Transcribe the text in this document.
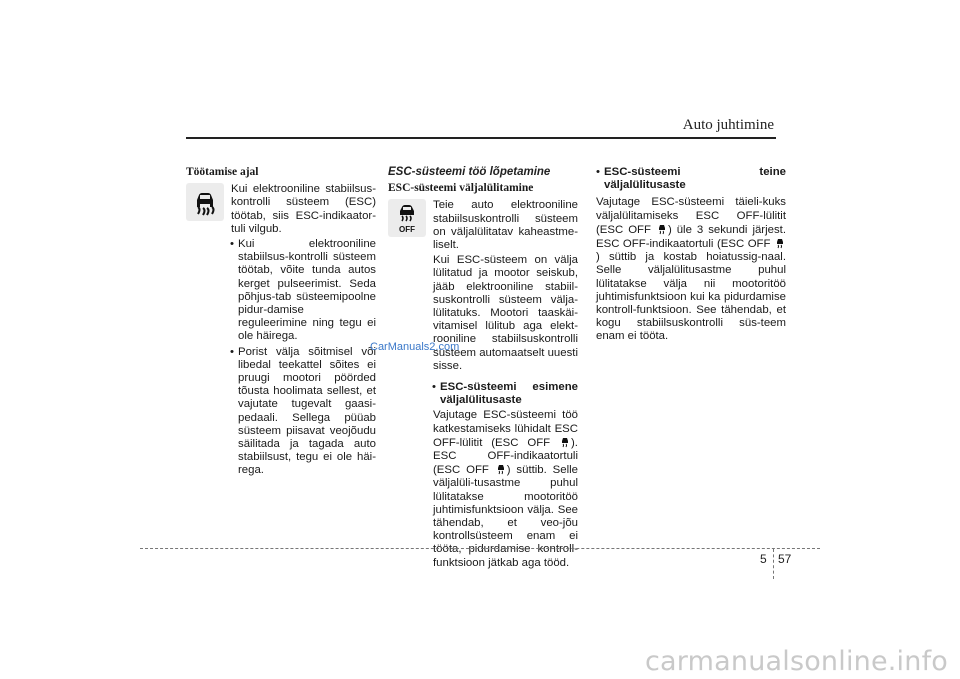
Auto juhtimine
Töötamise ajal
Kui elektrooniline stabiilsus-kontrolli süsteem (ESC) töötab, siis ESC-indikaator-tuli vilgub.
• Kui elektrooniline stabiilsus-kontrolli süsteem töötab, võite tunda autos kerget pulseerimist. Seda põhjus-tab süsteemipoolne pidur-damise reguleerimine ning tegu ei ole häirega.
• Porist välja sõitmisel või libedal teekattel sõites ei pruugi mootori pöörded tõusta hoolimata sellest, et vajutate tugevalt gaasi-pedaali. Sellega püüab süsteem piisavat veojõudu säilitada ja tagada auto stabiilsust, tegu ei ole häi-rega.
ESC-süsteemi töö lõpetamine
ESC-süsteemi väljalülitamine
OFF
Teie auto elektrooniline stabiilsuskontrolli süsteem on väljalülitatav kaheastme-liselt.
Kui ESC-süsteem on välja lülitatud ja mootor seiskub, jääb elektrooniline stabiil-suskontrolli süsteem välja-lülitatuks. Mootori taaskäi-vitamisel lülitub aga elekt-rooniline stabiilsuskontrolli süsteem automaatselt uuesti sisse.
• ESC-süsteemi esimene väljalülitusaste
Vajutage ESC-süsteemi töö katkestamiseks lühidalt ESC OFF-lülitit (ESC OFF ). ESC OFF-indikaatortuli (ESC OFF ) süttib. Selle väljalüli-tusastme puhul lülitatakse mootoritöö juhtimisfunktsioon välja. See tähendab, et veo-jõu kontrollsüsteem enam ei tööta, pidurdamise kontroll-funktsioon jätkab aga tööd.
• ESC-süsteemi teine väljalülitusaste
Vajutage ESC-süsteemi täieli-kuks väljalülitamiseks ESC OFF-lülitit (ESC OFF ) üle 3 sekundi järjest. ESC OFF-indikaatortuli (ESC OFF ) süttib ja kostab hoiatussig-naal. Selle väljalülitusastme puhul lülitatakse välja nii mootoritöö juhtimisfunktsioon kui ka pidurdamise kontroll-funktsioon. See tähendab, et kogu stabiilsuskontrolli süs-teem enam ei tööta.
CarManuals2.com
5 57
carmanualsonline.info
